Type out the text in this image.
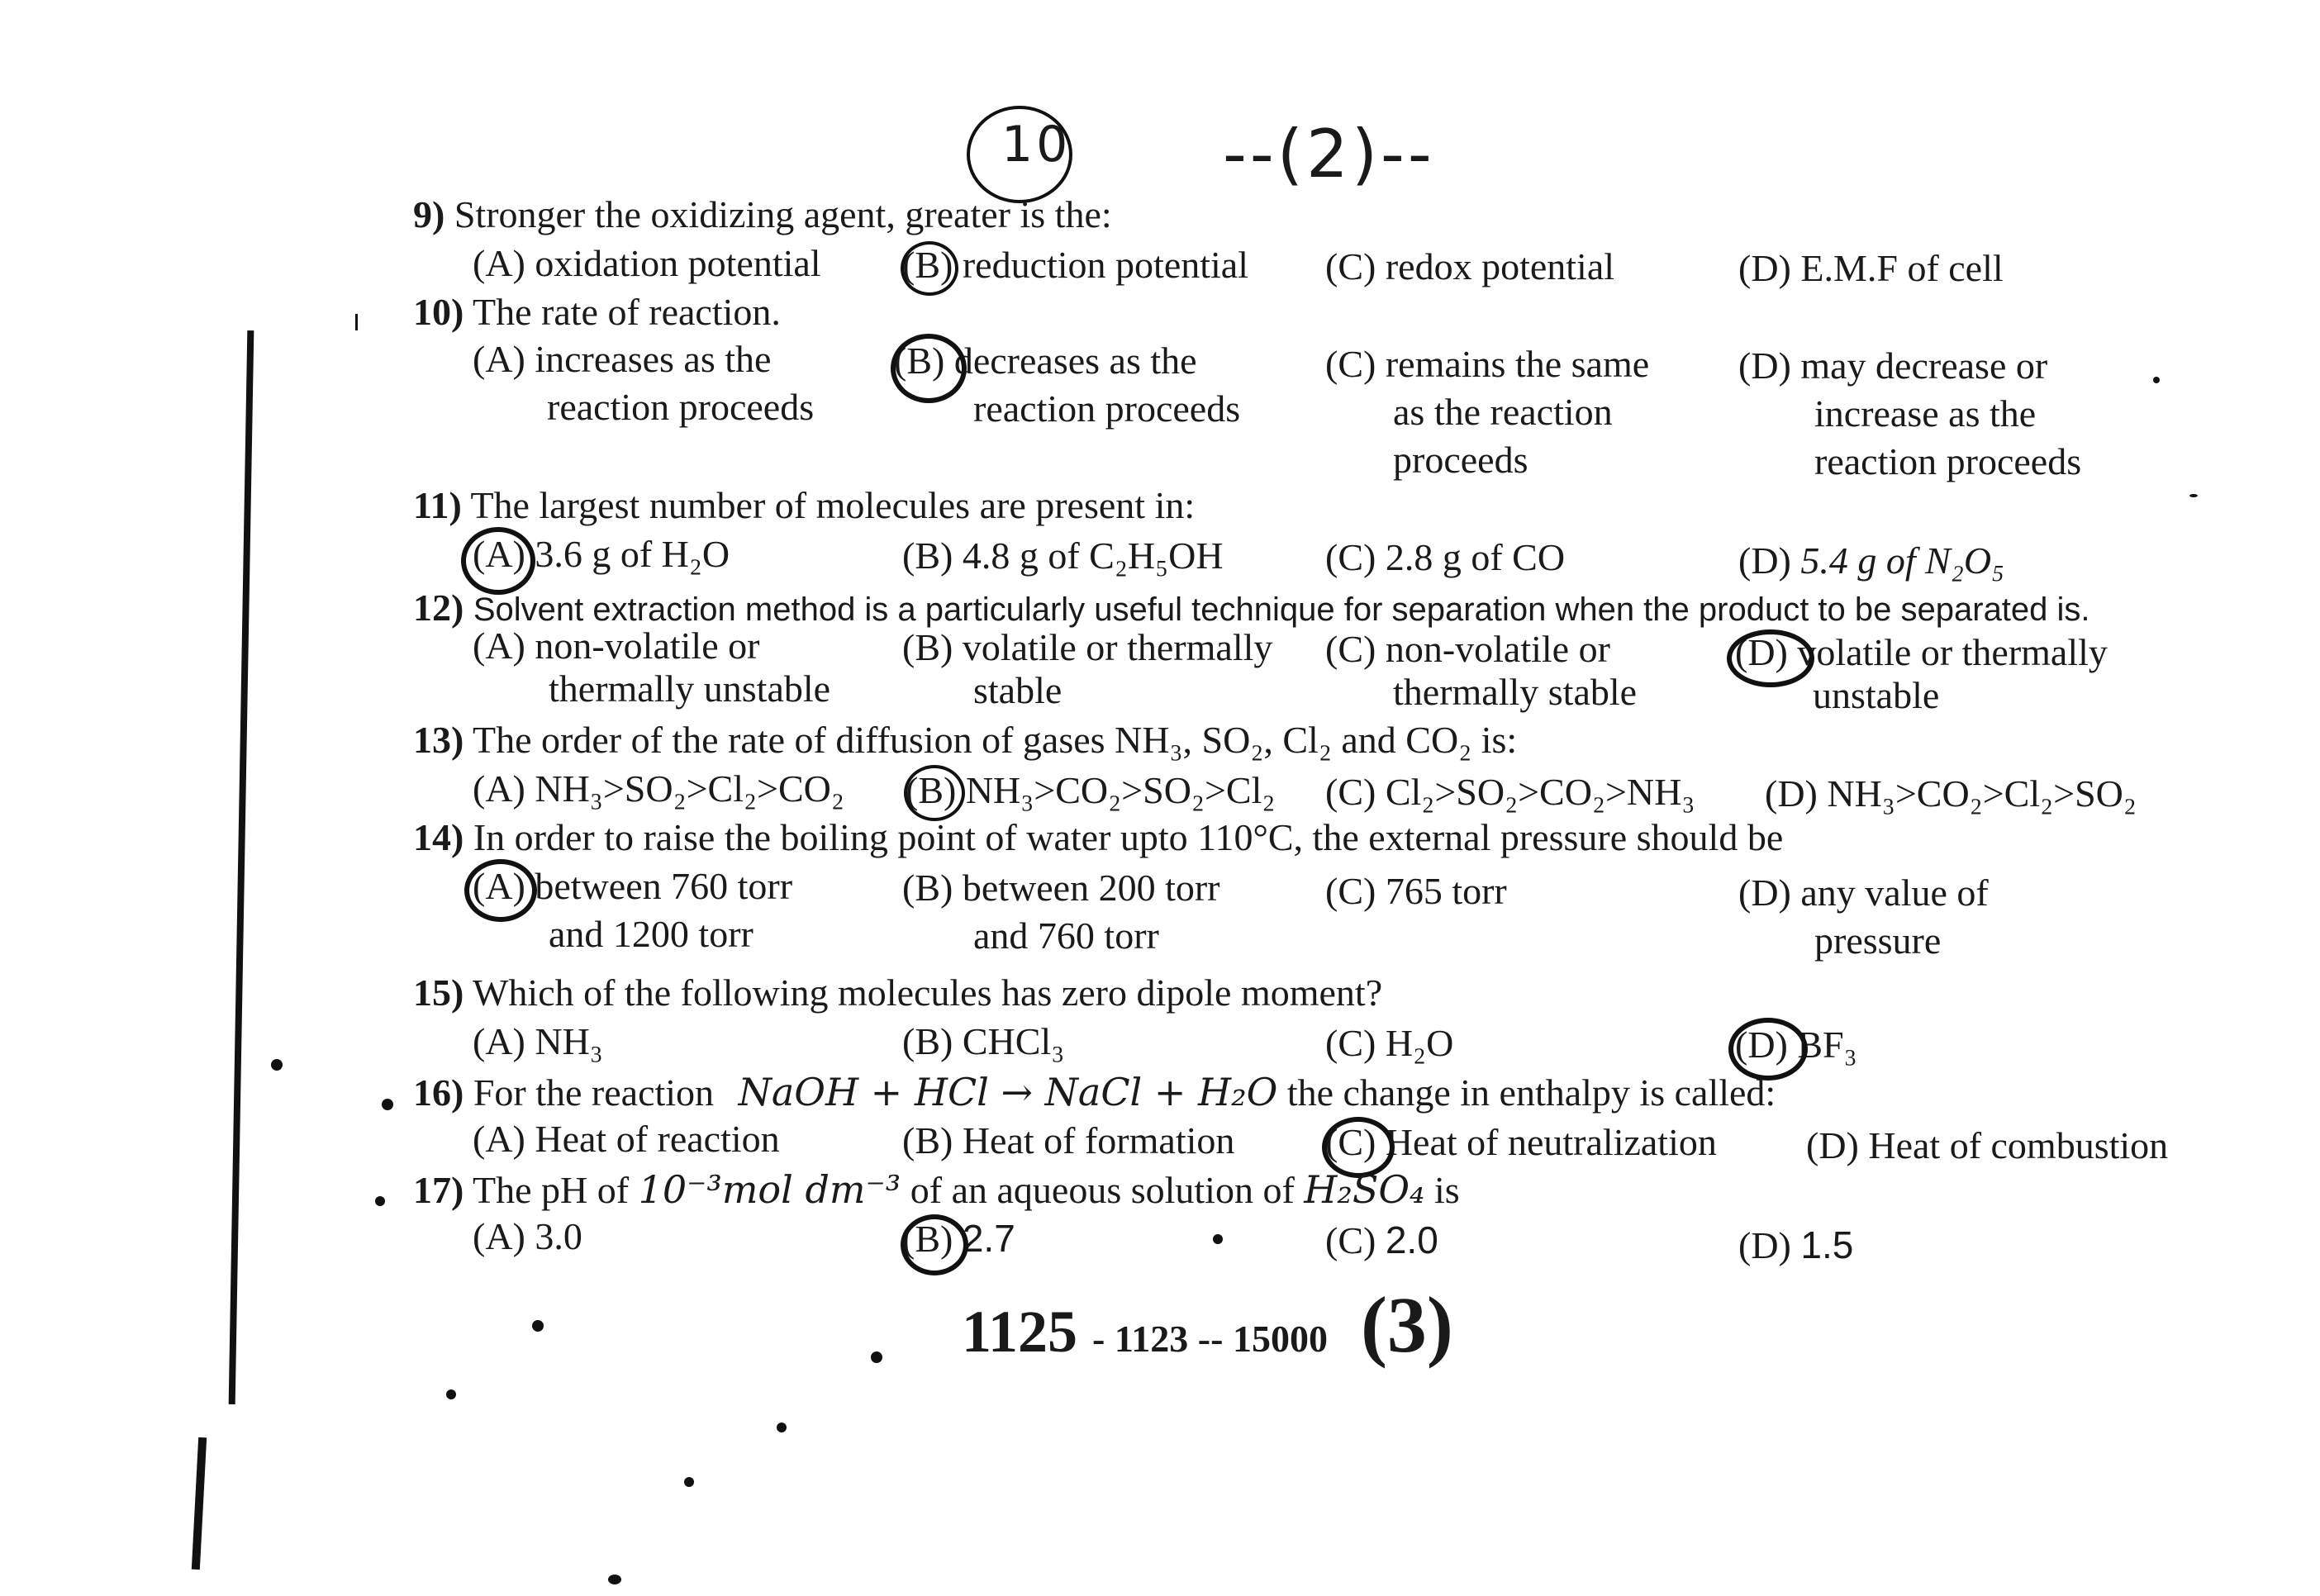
10 --(2)--
9) Stronger the oxidizing agent, greater is the:
(A) oxidation potential (B) reduction potential (C) redox potential	(D) E.M.F of cell
10) The rate of reaction.
(A) increases as the
reaction proceeds
(B) decreases as the
reaction proceeds
(C) remains the same
as the reaction
proceeds
(D) may decrease or
increase as the
reaction proceeds
11) The largest number of molecules are present in:
(A) 3.6 g of H₂O	(B) 4.8 g of C₂H₅OH	(C) 2.8 g of CO	(D) 5.4 g of N₂O₅
12) Solvent extraction method is a particularly useful technique for separation when the product to be separated is.
(A) non-volatile or
thermally unstable
(B) volatile or thermally
stable
(C) non-volatile or
thermally stable
(D) volatile or thermally
unstable
13) The order of the rate of diffusion of gases NH₃, SO₂, Cl₂ and CO₂ is:
(A) NH₃>SO₂>Cl₂>CO₂ (B) NH₃>CO₂>SO₂>Cl₂ (C) Cl₂>SO₂>CO₂>NH₃ (D) NH₃>CO₂>Cl₂>SO₂
14) In order to raise the boiling point of water upto 110°C, the external pressure should be
(A) between 760 torr
and 1200 torr
(B) between 200 torr
and 760 torr
(C) 765 torr	(D) any value of
pressure
15) Which of the following molecules has zero dipole moment?
(A) NH₃	(B) CHCl₃	(C) H₂O	(D) BF₃
16) For the reaction NaOH + HCl → NaCl + H₂O the change in enthalpy is called:
(A) Heat of reaction	(B) Heat of formation (C) Heat of neutralization (D) Heat of combustion
17) The pH of 10⁻³mol dm⁻³ of an aqueous solution of H₂SO₄ is
(A) 3.0	(B) 2.7	(C) 2.0	(D) 1.5
1125 - 1123 -- 15000 (3)
